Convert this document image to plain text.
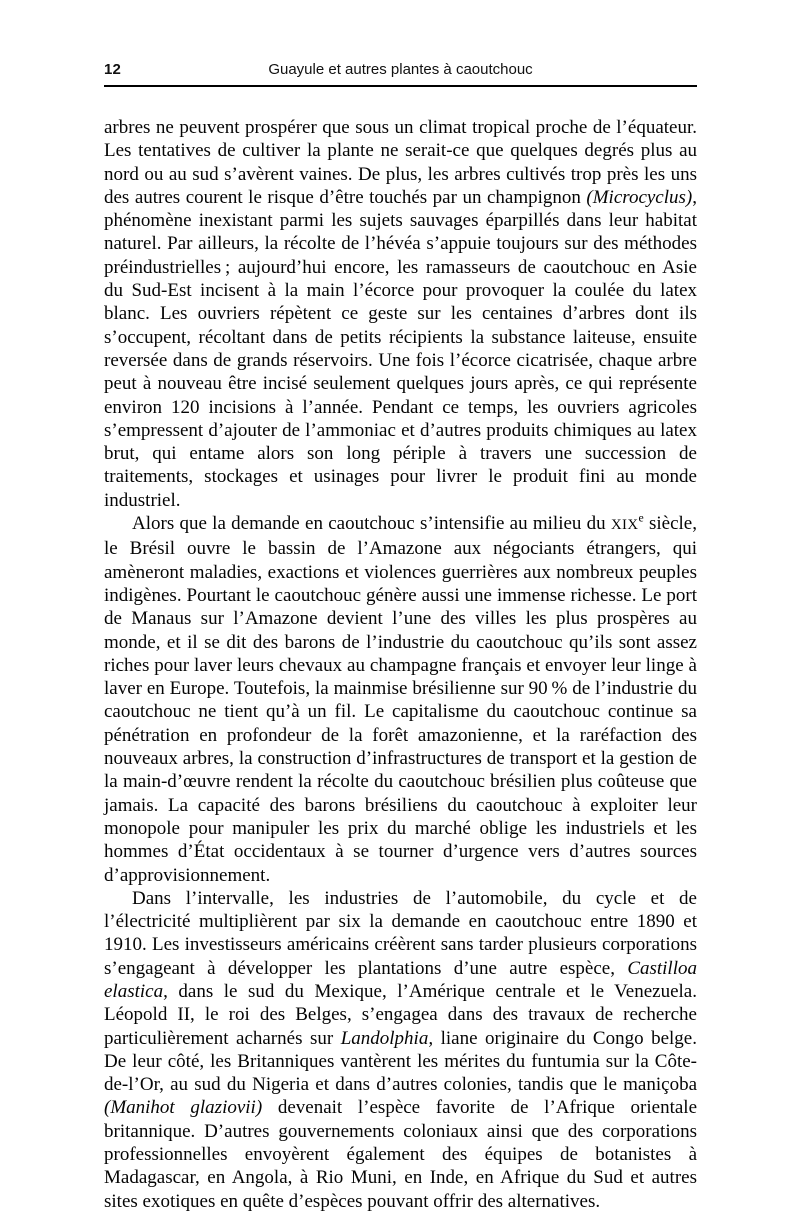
12	Guayule et autres plantes à caoutchouc

arbres ne peuvent prospérer que sous un climat tropical proche de l’équateur. Les tentatives de cultiver la plante ne serait-ce que quelques degrés plus au nord ou au sud s’avèrent vaines. De plus, les arbres cultivés trop près les uns des autres courent le risque d’être touchés par un champignon (Microcyclus), phénomène inexistant parmi les sujets sauvages éparpillés dans leur habitat naturel. Par ailleurs, la récolte de l’hévéa s’appuie toujours sur des méthodes préindustrielles ; aujourd’hui encore, les ramasseurs de caoutchouc en Asie du Sud-Est incisent à la main l’écorce pour provoquer la coulée du latex blanc. Les ouvriers répètent ce geste sur les centaines d’arbres dont ils s’occupent, récoltant dans de petits récipients la substance laiteuse, ensuite reversée dans de grands réservoirs. Une fois l’écorce cicatrisée, chaque arbre peut à nouveau être incisé seulement quelques jours après, ce qui représente environ 120 incisions à l’année. Pendant ce temps, les ouvriers agricoles s’empressent d’ajouter de l’ammoniac et d’autres produits chimiques au latex brut, qui entame alors son long périple à travers une succession de traitements, stockages et usinages pour livrer le produit fini au monde industriel.

Alors que la demande en caoutchouc s’intensifie au milieu du XIXe siècle, le Brésil ouvre le bassin de l’Amazone aux négociants étrangers, qui amèneront maladies, exactions et violences guerrières aux nombreux peuples indigènes. Pourtant le caoutchouc génère aussi une immense richesse. Le port de Manaus sur l’Amazone devient l’une des villes les plus prospères au monde, et il se dit des barons de l’industrie du caoutchouc qu’ils sont assez riches pour laver leurs chevaux au champagne français et envoyer leur linge à laver en Europe. Toutefois, la mainmise brésilienne sur 90 % de l’industrie du caoutchouc ne tient qu’à un fil. Le capitalisme du caoutchouc continue sa pénétration en profondeur de la forêt amazonienne, et la raréfaction des nouveaux arbres, la construction d’infrastructures de transport et la gestion de la main-d’œuvre rendent la récolte du caoutchouc brésilien plus coûteuse que jamais. La capacité des barons brésiliens du caoutchouc à exploiter leur monopole pour manipuler les prix du marché oblige les industriels et les hommes d’État occidentaux à se tourner d’urgence vers d’autres sources d’approvisionnement.

Dans l’intervalle, les industries de l’automobile, du cycle et de l’électricité multiplièrent par six la demande en caoutchouc entre 1890 et 1910. Les investisseurs américains créèrent sans tarder plusieurs corporations s’engageant à développer les plantations d’une autre espèce, Castilloa elastica, dans le sud du Mexique, l’Amérique centrale et le Venezuela. Léopold II, le roi des Belges, s’engagea dans des travaux de recherche particulièrement acharnés sur Landolphia, liane originaire du Congo belge. De leur côté, les Britanniques vantèrent les mérites du funtumia sur la Côte-de-l’Or, au sud du Nigeria et dans d’autres colonies, tandis que le maniçoba (Manihot glaziovii) devenait l’espèce favorite de l’Afrique orientale britannique. D’autres gouvernements coloniaux ainsi que des corporations professionnelles envoyèrent également des équipes de botanistes à Madagascar, en Angola, à Rio Muni, en Inde, en Afrique du Sud et autres sites exotiques en quête d’espèces pouvant offrir des alternatives.
